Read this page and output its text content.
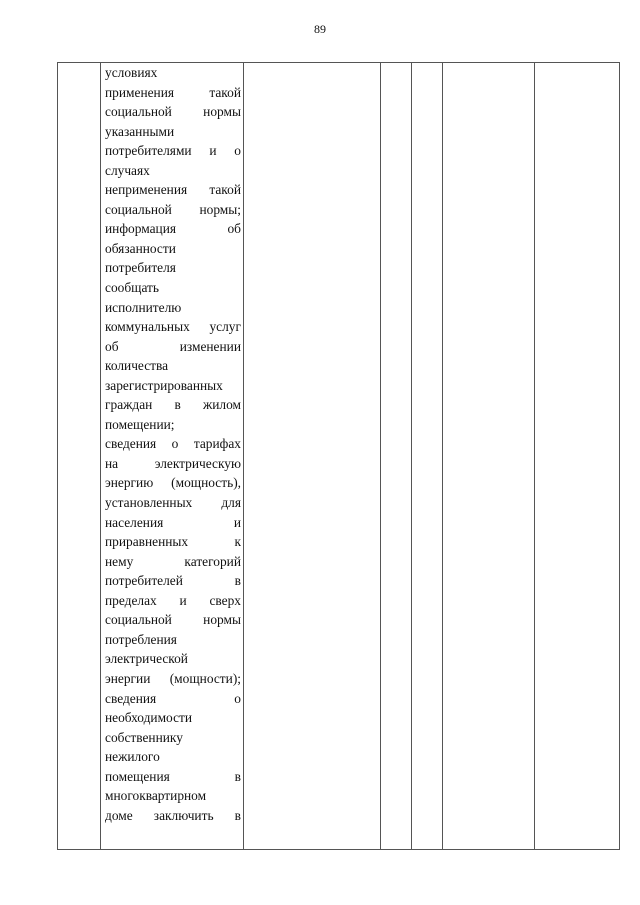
89

условиях
применения	такой
социальной нормы
указанными
потребителями и о
случаях
неприменения такой
социальной нормы;
информация	об
обязанности
потребителя
сообщать
исполнителю
коммунальных услуг
об	изменении
количества
зарегистрированных
граждан в жилом
помещении;
сведения о тарифах
на	электрическую
энергию (мощность),
установленных для
населения	и
приравненных	к
нему	категорий
потребителей	в
пределах и сверх
социальной нормы
потребления
электрической
энергии (мощности);
сведения	о
необходимости
собственнику
нежилого
помещения	в
многоквартирном
доме заключить в
